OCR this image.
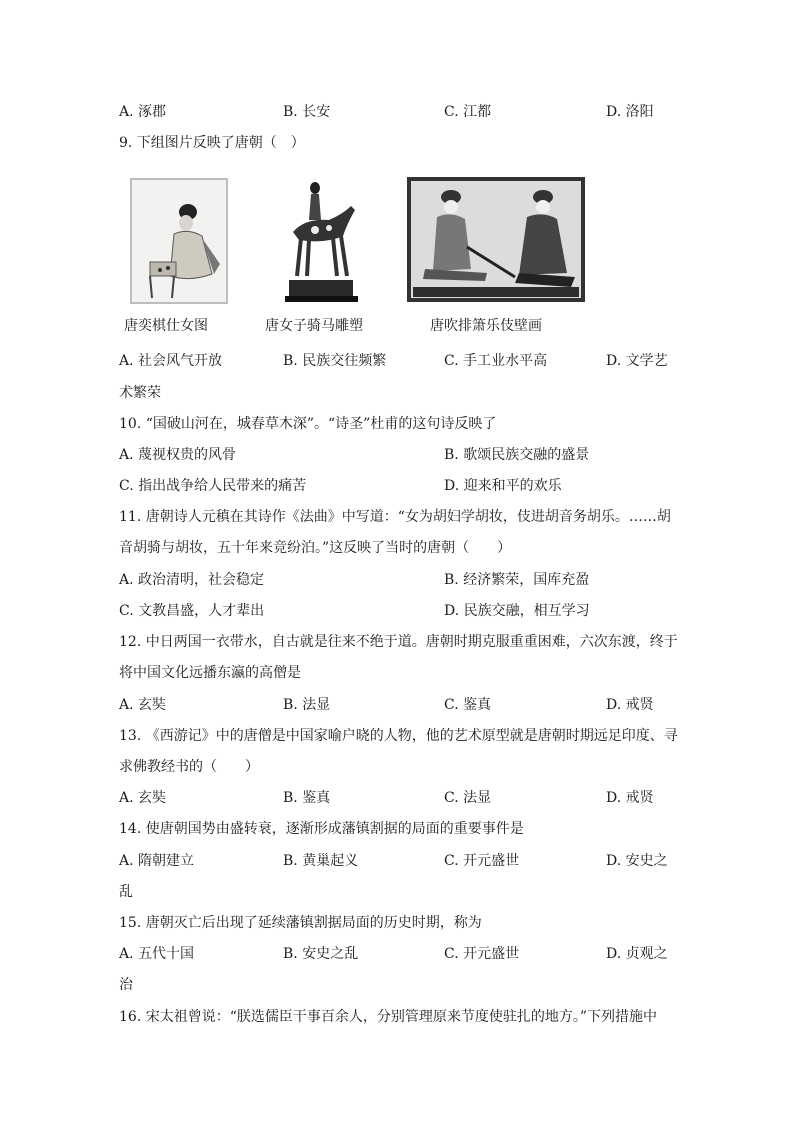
A. 涿郡	B. 长安	C. 江都	D. 洛阳
9. 下组图片反映了唐朝（　）
唐奕棋仕女图	唐女子骑马雕塑	唐吹排箫乐伎壁画
A. 社会风气开放	B. 民族交往频繁	C. 手工业水平高	D. 文学艺
术繁荣
10. “国破山河在，城春草木深”。“诗圣”杜甫的这句诗反映了
A. 蔑视权贵的风骨	B. 歌颂民族交融的盛景
C. 指出战争给人民带来的痛苦	D. 迎来和平的欢乐
11. 唐朝诗人元稹在其诗作《法曲》中写道：“女为胡妇学胡妆，伎进胡音务胡乐。……胡
音胡骑与胡妆，五十年来竞纷泊。”这反映了当时的唐朝（　　）
A. 政治清明，社会稳定	B. 经济繁荣，国库充盈
C. 文教昌盛，人才辈出	D. 民族交融，相互学习
12. 中日两国一衣带水，自古就是往来不绝于道。唐朝时期克服重重困难，六次东渡，终于
将中国文化远播东瀛的高僧是
A. 玄奘	B. 法显	C. 鉴真	D. 戒贤
13. 《西游记》中的唐僧是中国家喻户晓的人物，他的艺术原型就是唐朝时期远足印度、寻
求佛教经书的（　　）
A. 玄奘	B. 鉴真	C. 法显	D. 戒贤
14. 使唐朝国势由盛转衰，逐渐形成藩镇割据的局面的重要事件是
A. 隋朝建立	B. 黄巢起义	C. 开元盛世	D. 安史之
乱
15. 唐朝灭亡后出现了延续藩镇割据局面的历史时期，称为
A. 五代十国	B. 安史之乱	C. 开元盛世	D. 贞观之
治
16. 宋太祖曾说：“朕选儒臣干事百余人，分别管理原来节度使驻扎的地方。”下列措施中
